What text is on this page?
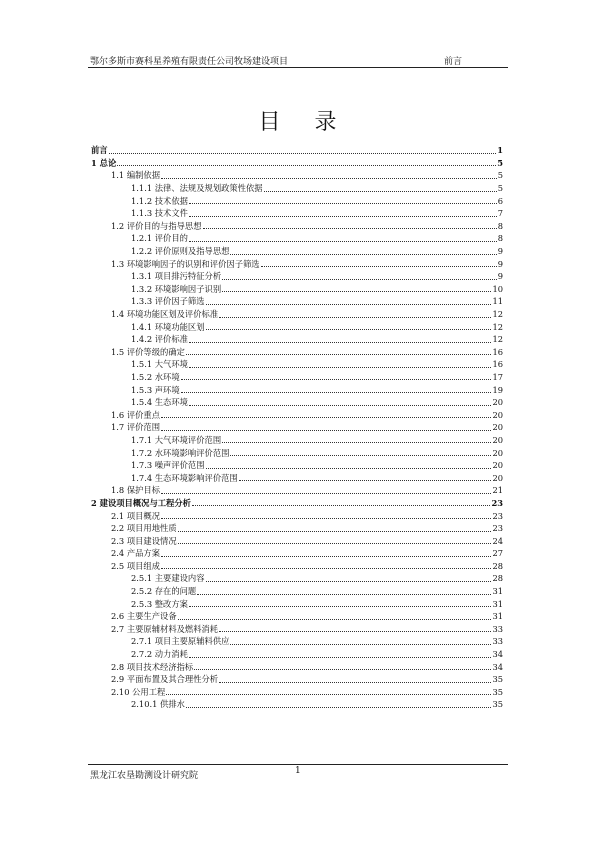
鄂尔多斯市赛科星养殖有限责任公司牧场建设项目	前言
目录
前言	1
1 总论	5
1.1 编制依据	5
1.1.1 法律、法规及规划政策性依据	5
1.1.2 技术依据	6
1.1.3 技术文件	7
1.2 评价目的与指导思想	8
1.2.1 评价目的	8
1.2.2 评价原则及指导思想	9
1.3 环境影响因子的识别和评价因子筛选	9
1.3.1 项目排污特征分析	9
1.3.2 环境影响因子识别	10
1.3.3 评价因子筛选	11
1.4 环境功能区划及评价标准	12
1.4.1 环境功能区划	12
1.4.2 评价标准	12
1.5 评价等级的确定	16
1.5.1 大气环境	16
1.5.2 水环境	17
1.5.3 声环境	19
1.5.4 生态环境	20
1.6 评价重点	20
1.7 评价范围	20
1.7.1 大气环境评价范围	20
1.7.2 水环境影响评价范围	20
1.7.3 噪声评价范围	20
1.7.4 生态环境影响评价范围	20
1.8 保护目标	21
2 建设项目概况与工程分析	23
2.1 项目概况	23
2.2 项目用地性质	23
2.3 项目建设情况	24
2.4 产品方案	27
2.5 项目组成	28
2.5.1 主要建设内容	28
2.5.2 存在的问题	31
2.5.3 整改方案	31
2.6 主要生产设备	31
2.7 主要原辅材料及燃料消耗	33
2.7.1 项目主要原辅料供应	33
2.7.2 动力消耗	34
2.8 项目技术经济指标	34
2.9 平面布置及其合理性分析	35
2.10 公用工程	35
2.10.1 供排水	35
黑龙江农垦勘测设计研究院	1
